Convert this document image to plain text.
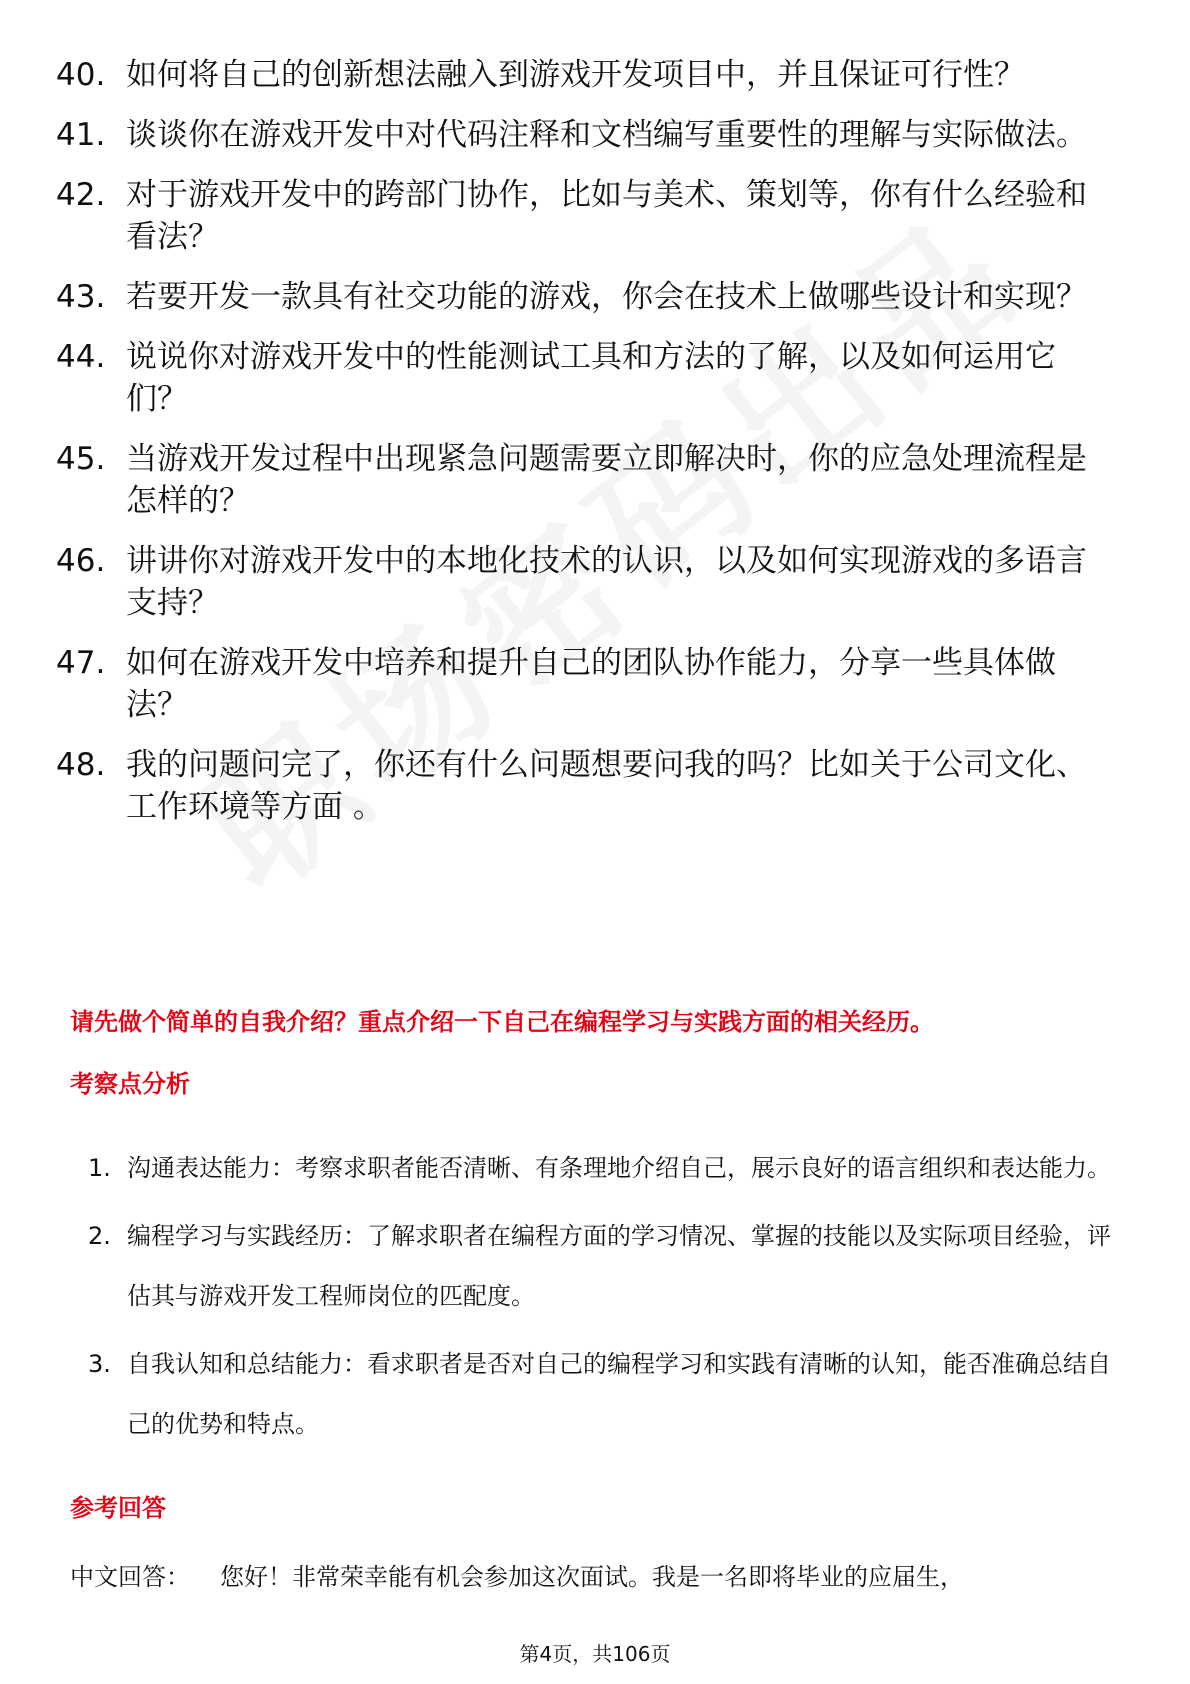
40. 如何将自己的创新想法融入到游戏开发项目中，并且保证可行性？
41. 谈谈你在游戏开发中对代码注释和文档编写重要性的理解与实际做法。
42. 对于游戏开发中的跨部门协作，比如与美术、策划等，你有什么经验和看法？
43. 若要开发一款具有社交功能的游戏，你会在技术上做哪些设计和实现？
44. 说说你对游戏开发中的性能测试工具和方法的了解，以及如何运用它们？
45. 当游戏开发过程中出现紧急问题需要立即解决时，你的应急处理流程是怎样的？
46. 讲讲你对游戏开发中的本地化技术的认识，以及如何实现游戏的多语言支持？
47. 如何在游戏开发中培养和提升自己的团队协作能力，分享一些具体做法？
48. 我的问题问完了，你还有什么问题想要问我的吗？比如关于公司文化、工作环境等方面 。
请先做个简单的自我介绍？重点介绍一下自己在编程学习与实践方面的相关经历。
考察点分析
1. 沟通表达能力：考察求职者能否清晰、有条理地介绍自己，展示良好的语言组织和表达能力。
2. 编程学习与实践经历：了解求职者在编程方面的学习情况、掌握的技能以及实际项目经验，评估其与游戏开发工程师岗位的匹配度。
3. 自我认知和总结能力：看求职者是否对自己的编程学习和实践有清晰的认知，能否准确总结自己的优势和特点。
参考回答
中文回答： 您好！非常荣幸能有机会参加这次面试。我是一名即将毕业的应届生，
第4页，共106页
